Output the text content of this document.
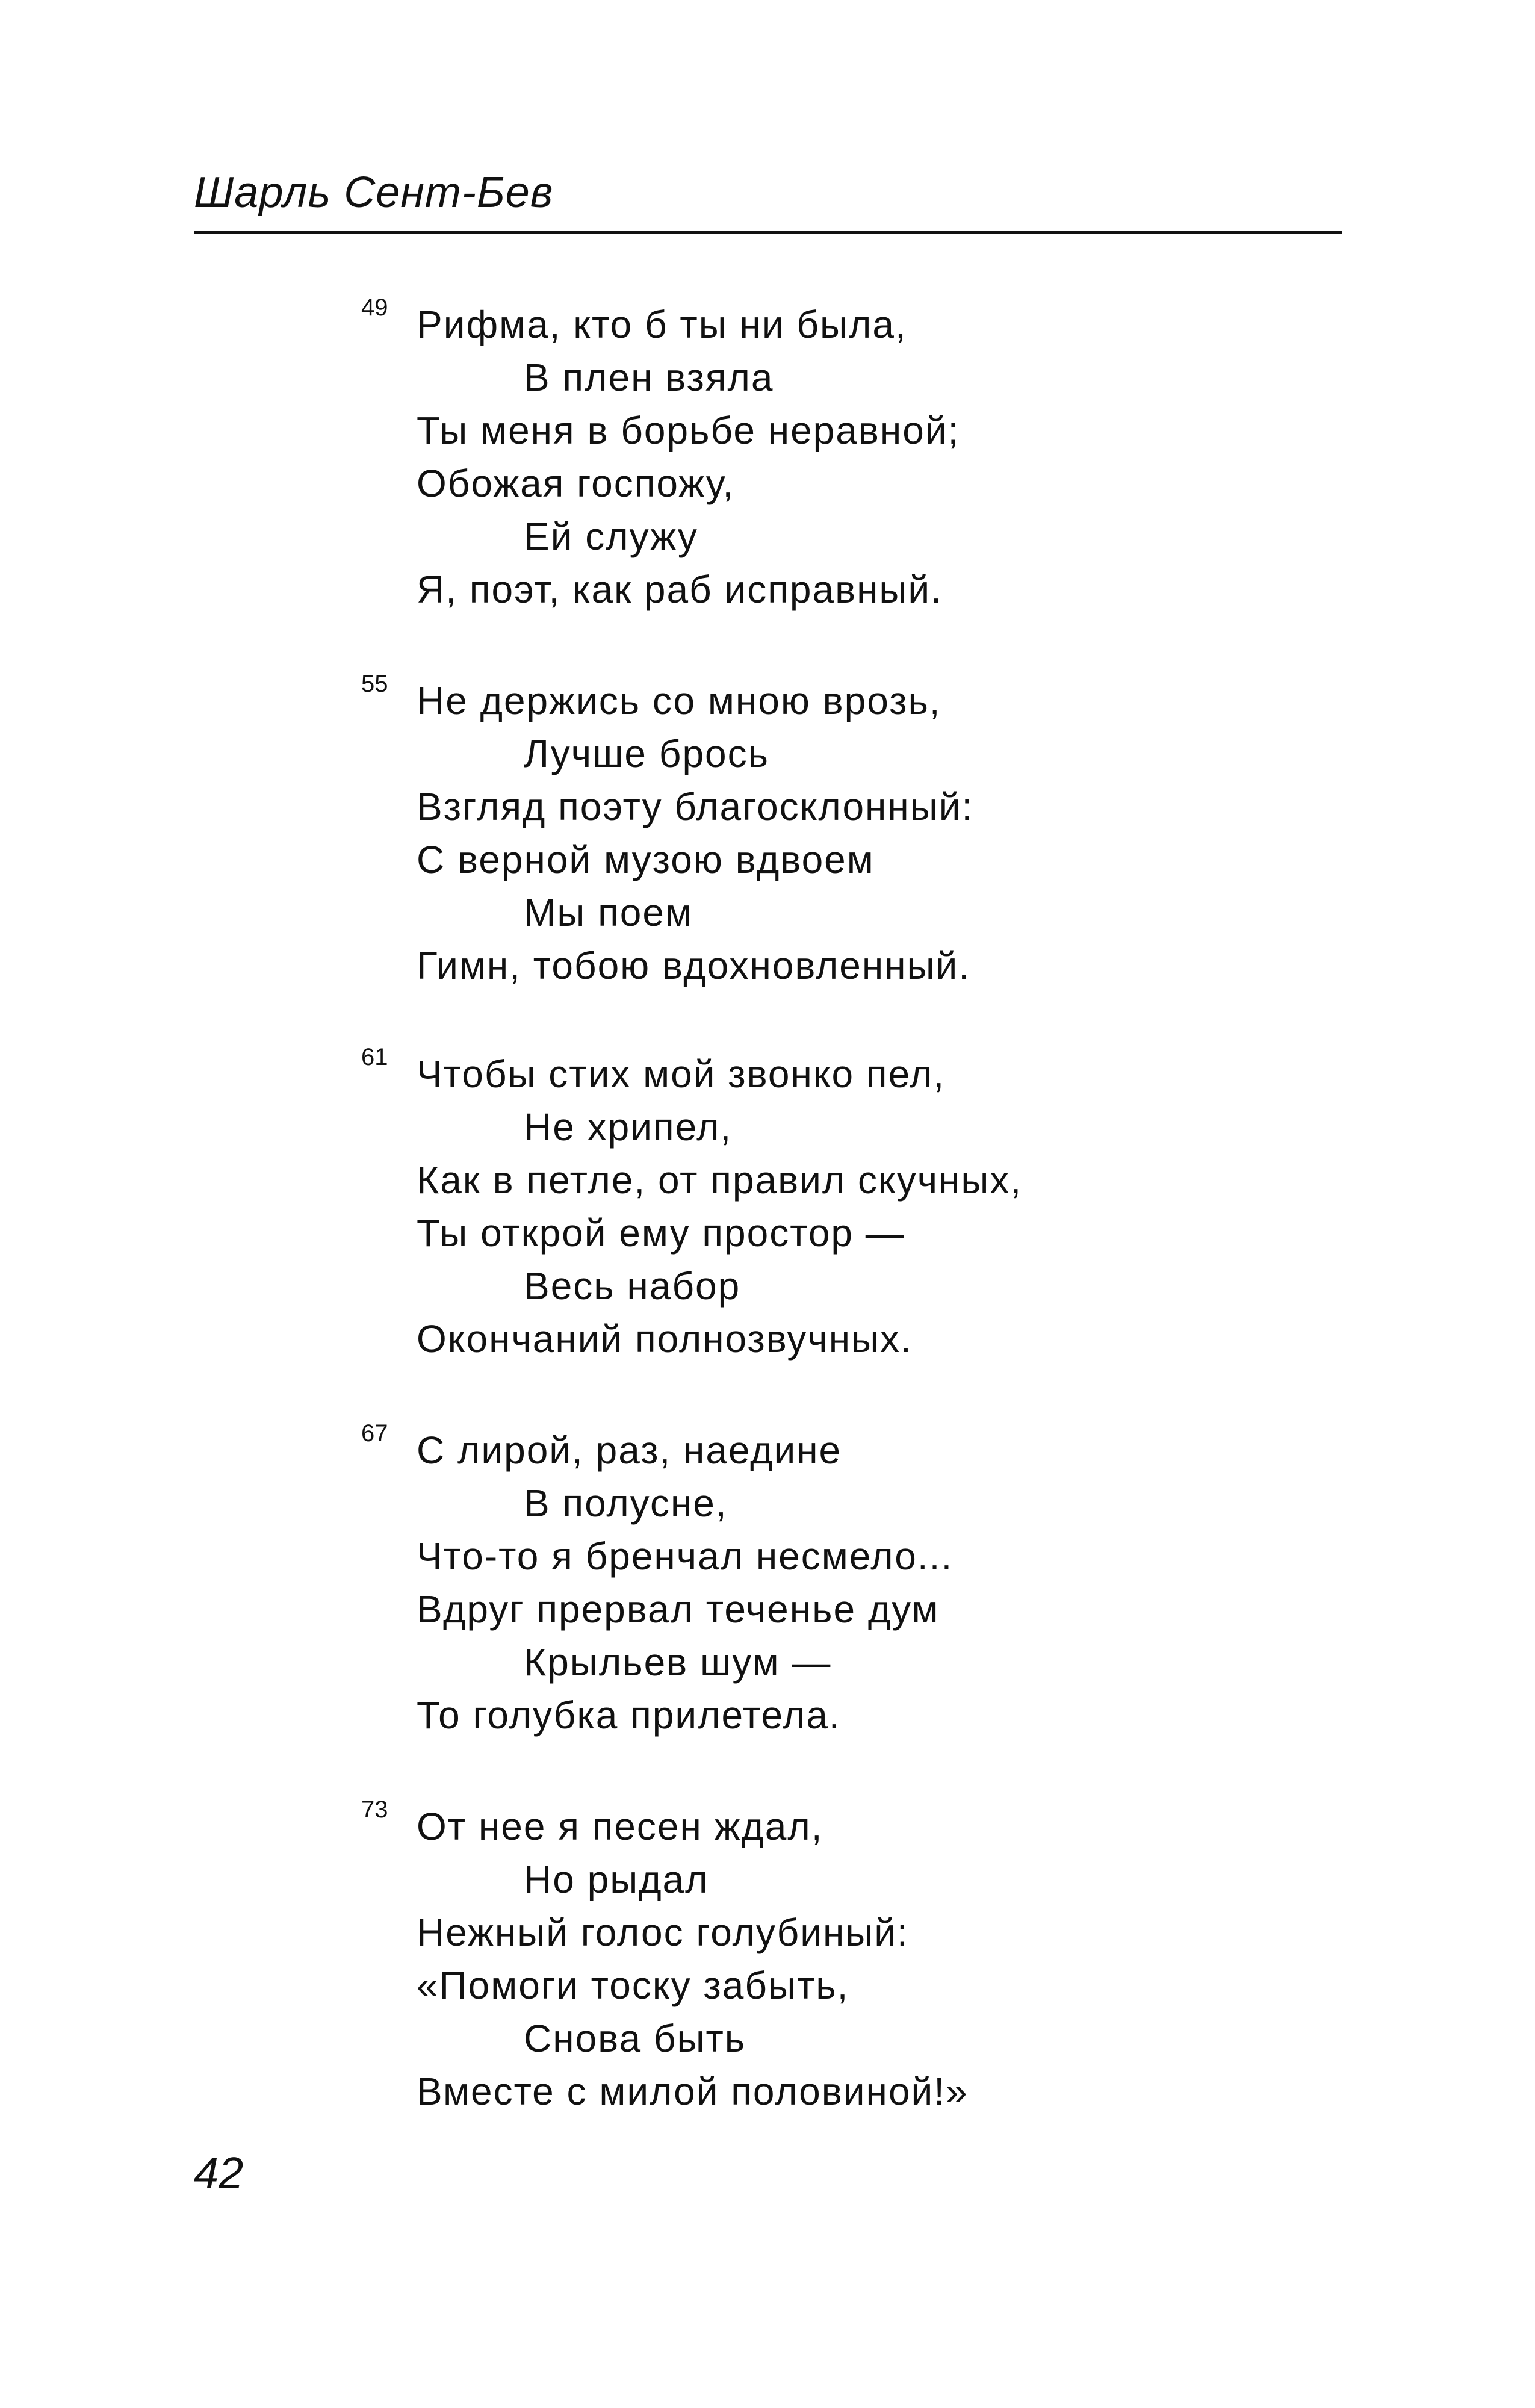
Шарль Сент-Бев
49 Рифма, кто б ты ни была,
В плен взяла
Ты меня в борьбе неравной;
Обожая госпожу,
Ей служу
Я, поэт, как раб исправный.
55 Не держись со мною врозь,
Лучше брось
Взгляд поэту благосклонный:
С верной музою вдвоем
Мы поем
Гимн, тобою вдохновленный.
61 Чтобы стих мой звонко пел,
Не хрипел,
Как в петле, от правил скучных,
Ты открой ему простор —
Весь набор
Окончаний полнозвучных.
67 С лирой, раз, наедине
В полусне,
Что-то я бренчал несмело...
Вдруг прервал теченье дум
Крыльев шум —
То голубка прилетела.
73 От нее я песен ждал,
Но рыдал
Нежный голос голубиный:
«Помоги тоску забыть,
Снова быть
Вместе с милой половиной!»
42
